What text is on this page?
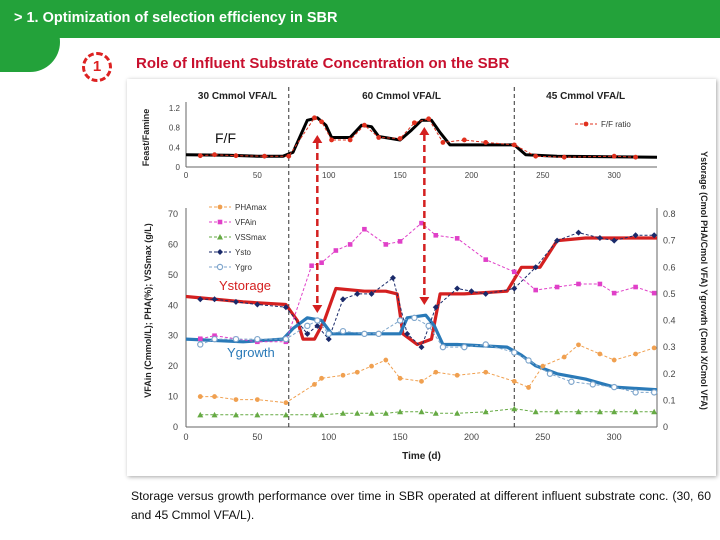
> 1. Optimization of selection efficiency in SBR
1	Role of Influent Substrate Concentration on the SBR
0	50	100	150	200	250	300
0
0.4
0.8
1.2
0	50	100	150	200	250	300
0
10
20
30
40
50
60
70
0
0.1
0.2
0.3
0.4
0.5
0.6
0.7
0.8
Feast/Famine
VFAin (Cmmol/L); PHA(%); VSSmax (g/L)	Ystorage (Cmol PHA/Cmol VFA) Ygrowth (Cmol X/Cmol VFA)
Time (d)
30 Cmmol VFA/L	60 Cmmol VFA/L	45 Cmmol VFA/L
F/F ratio
PHAmax
VFAin
VSSmax
Ysto
Ygro
F/F
Ystorage
Ygrowth
Storage versus growth performance over time in SBR operated at different influent substrate conc. (30, 60 and 45 Cmmol VFA/L).
